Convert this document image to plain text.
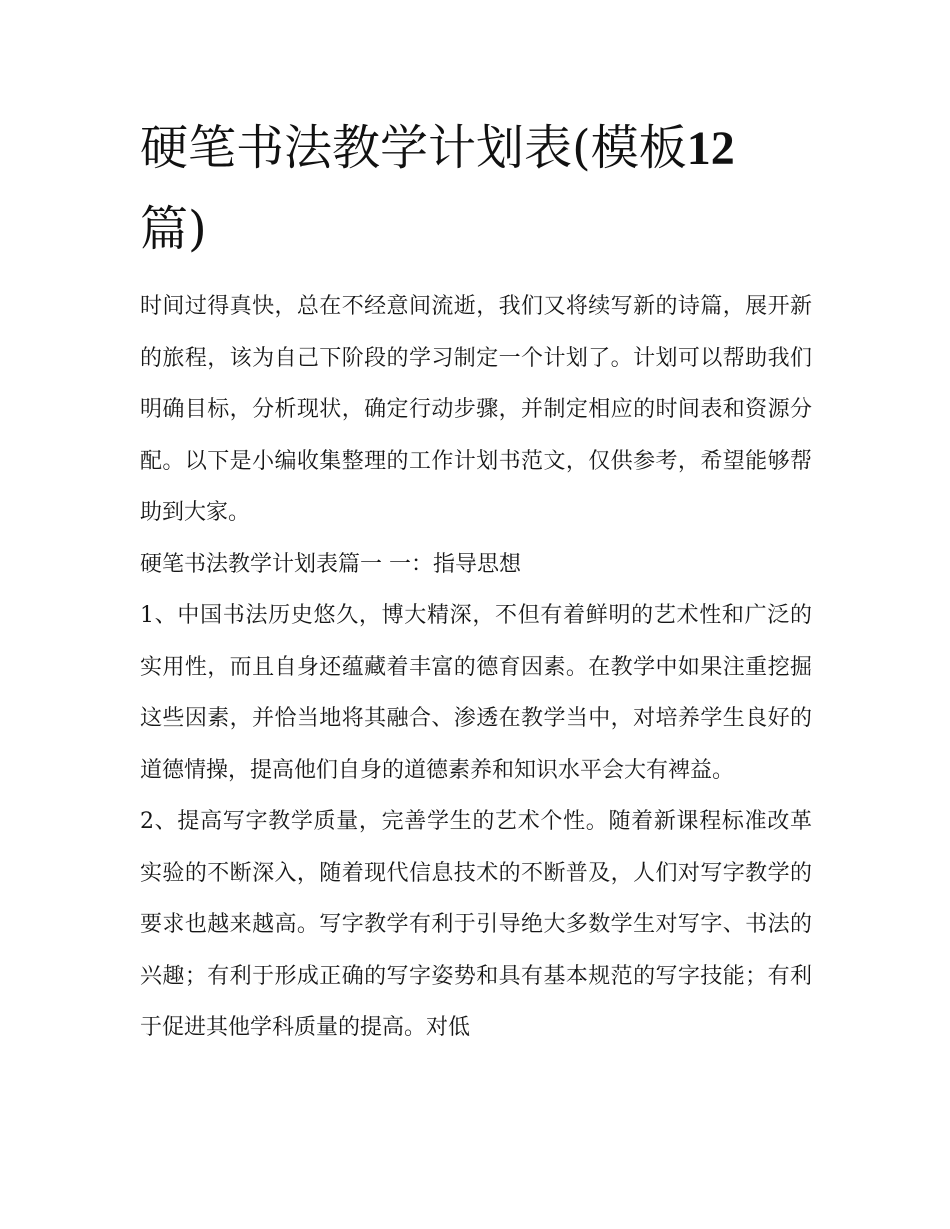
硬笔书法教学计划表(模板12
篇)

时间过得真快，总在不经意间流逝，我们又将续写新的诗篇，展开新的旅程，该为自己下阶段的学习制定一个计划了。计划可以帮助我们明确目标，分析现状，确定行动步骤，并制定相应的时间表和资源分配。以下是小编收集整理的工作计划书范文，仅供参考，希望能够帮助到大家。

硬笔书法教学计划表篇一 一：指导思想

1、中国书法历史悠久，博大精深，不但有着鲜明的艺术性和广泛的实用性，而且自身还蕴藏着丰富的德育因素。在教学中如果注重挖掘这些因素，并恰当地将其融合、渗透在教学当中，对培养学生良好的道德情操，提高他们自身的道德素养和知识水平会大有裨益。

2、提高写字教学质量，完善学生的艺术个性。随着新课程标准改革实验的不断深入，随着现代信息技术的不断普及，人们对写字教学的要求也越来越高。写字教学有利于引导绝大多数学生对写字、书法的兴趣；有利于形成正确的写字姿势和具有基本规范的写字技能；有利于促进其他学科质量的提高。对低
